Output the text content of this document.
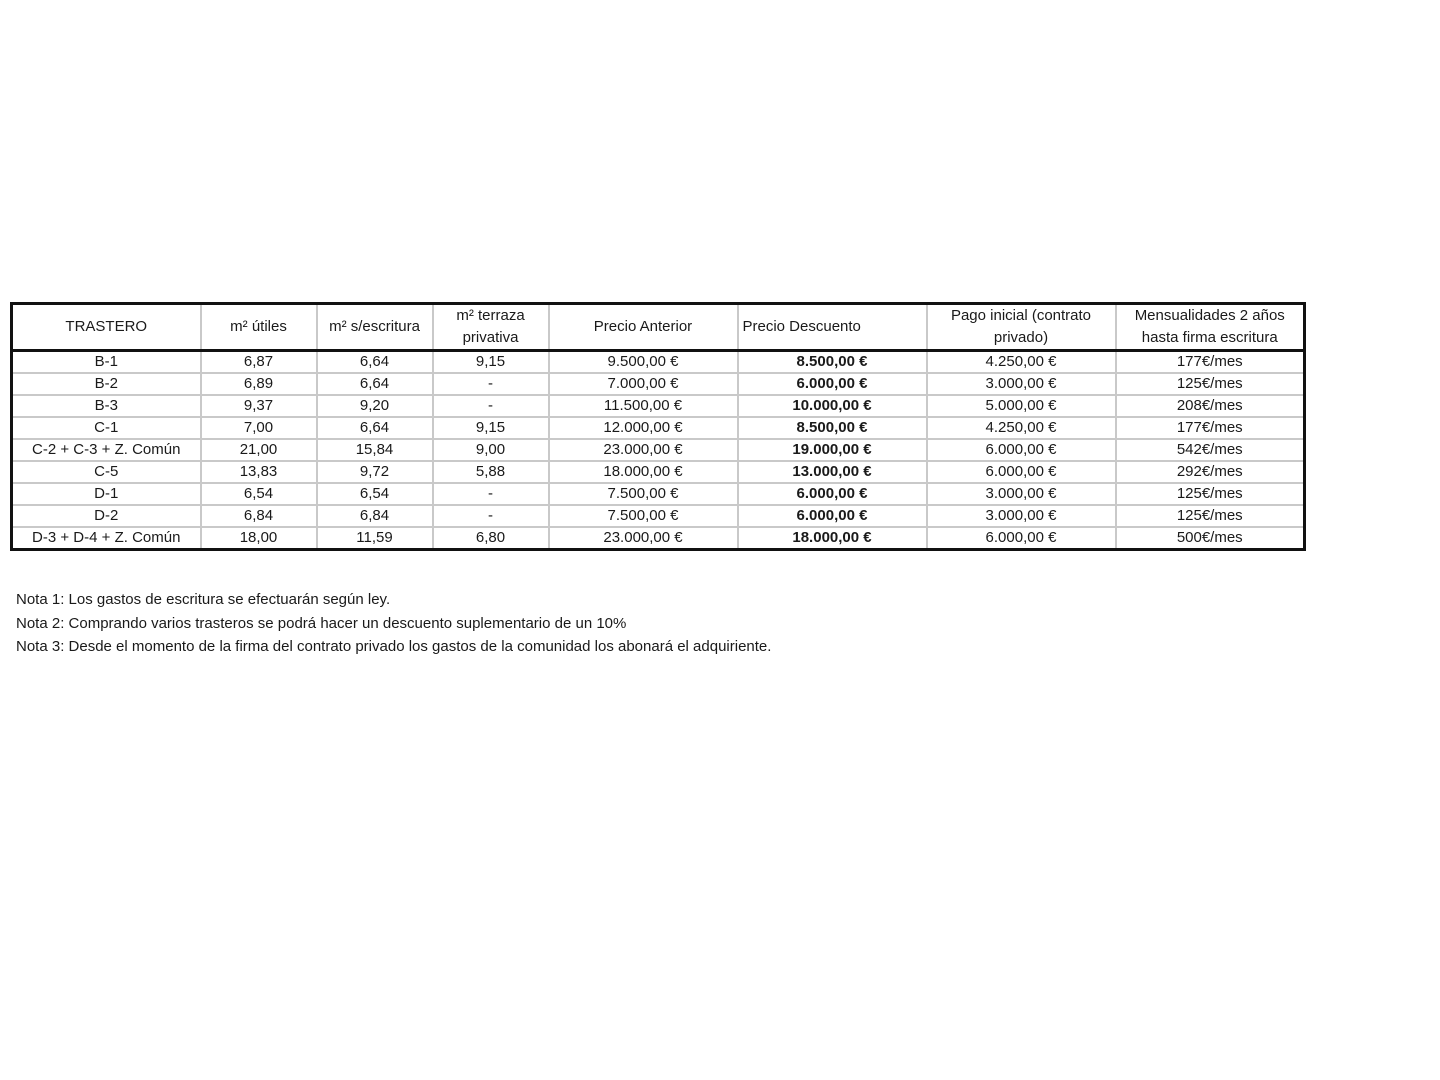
TRASTERO	m² útiles	m² s/escritura	m² terraza privativa	Precio Anterior	Precio Descuento	Pago inicial (contrato privado)	Mensualidades 2 años hasta firma escritura
B-1	6,87	6,64	9,15	9.500,00 €	8.500,00 €	4.250,00 €	177€/mes
B-2	6,89	6,64	-	7.000,00 €	6.000,00 €	3.000,00 €	125€/mes
B-3	9,37	9,20	-	11.500,00 €	10.000,00 €	5.000,00 €	208€/mes
C-1	7,00	6,64	9,15	12.000,00 €	8.500,00 €	4.250,00 €	177€/mes
C-2 + C-3 + Z. Común	21,00	15,84	9,00	23.000,00 €	19.000,00 €	6.000,00 €	542€/mes
C-5	13,83	9,72	5,88	18.000,00 €	13.000,00 €	6.000,00 €	292€/mes
D-1	6,54	6,54	-	7.500,00 €	6.000,00 €	3.000,00 €	125€/mes
D-2	6,84	6,84	-	7.500,00 €	6.000,00 €	3.000,00 €	125€/mes
D-3 + D-4 + Z. Común	18,00	11,59	6,80	23.000,00 €	18.000,00 €	6.000,00 €	500€/mes
Nota 1: Los gastos de escritura se efectuarán según ley.
Nota 2: Comprando varios trasteros se podrá hacer un descuento suplementario de un 10%
Nota 3: Desde el momento de la firma del contrato privado los gastos de la comunidad los abonará el adquiriente.
